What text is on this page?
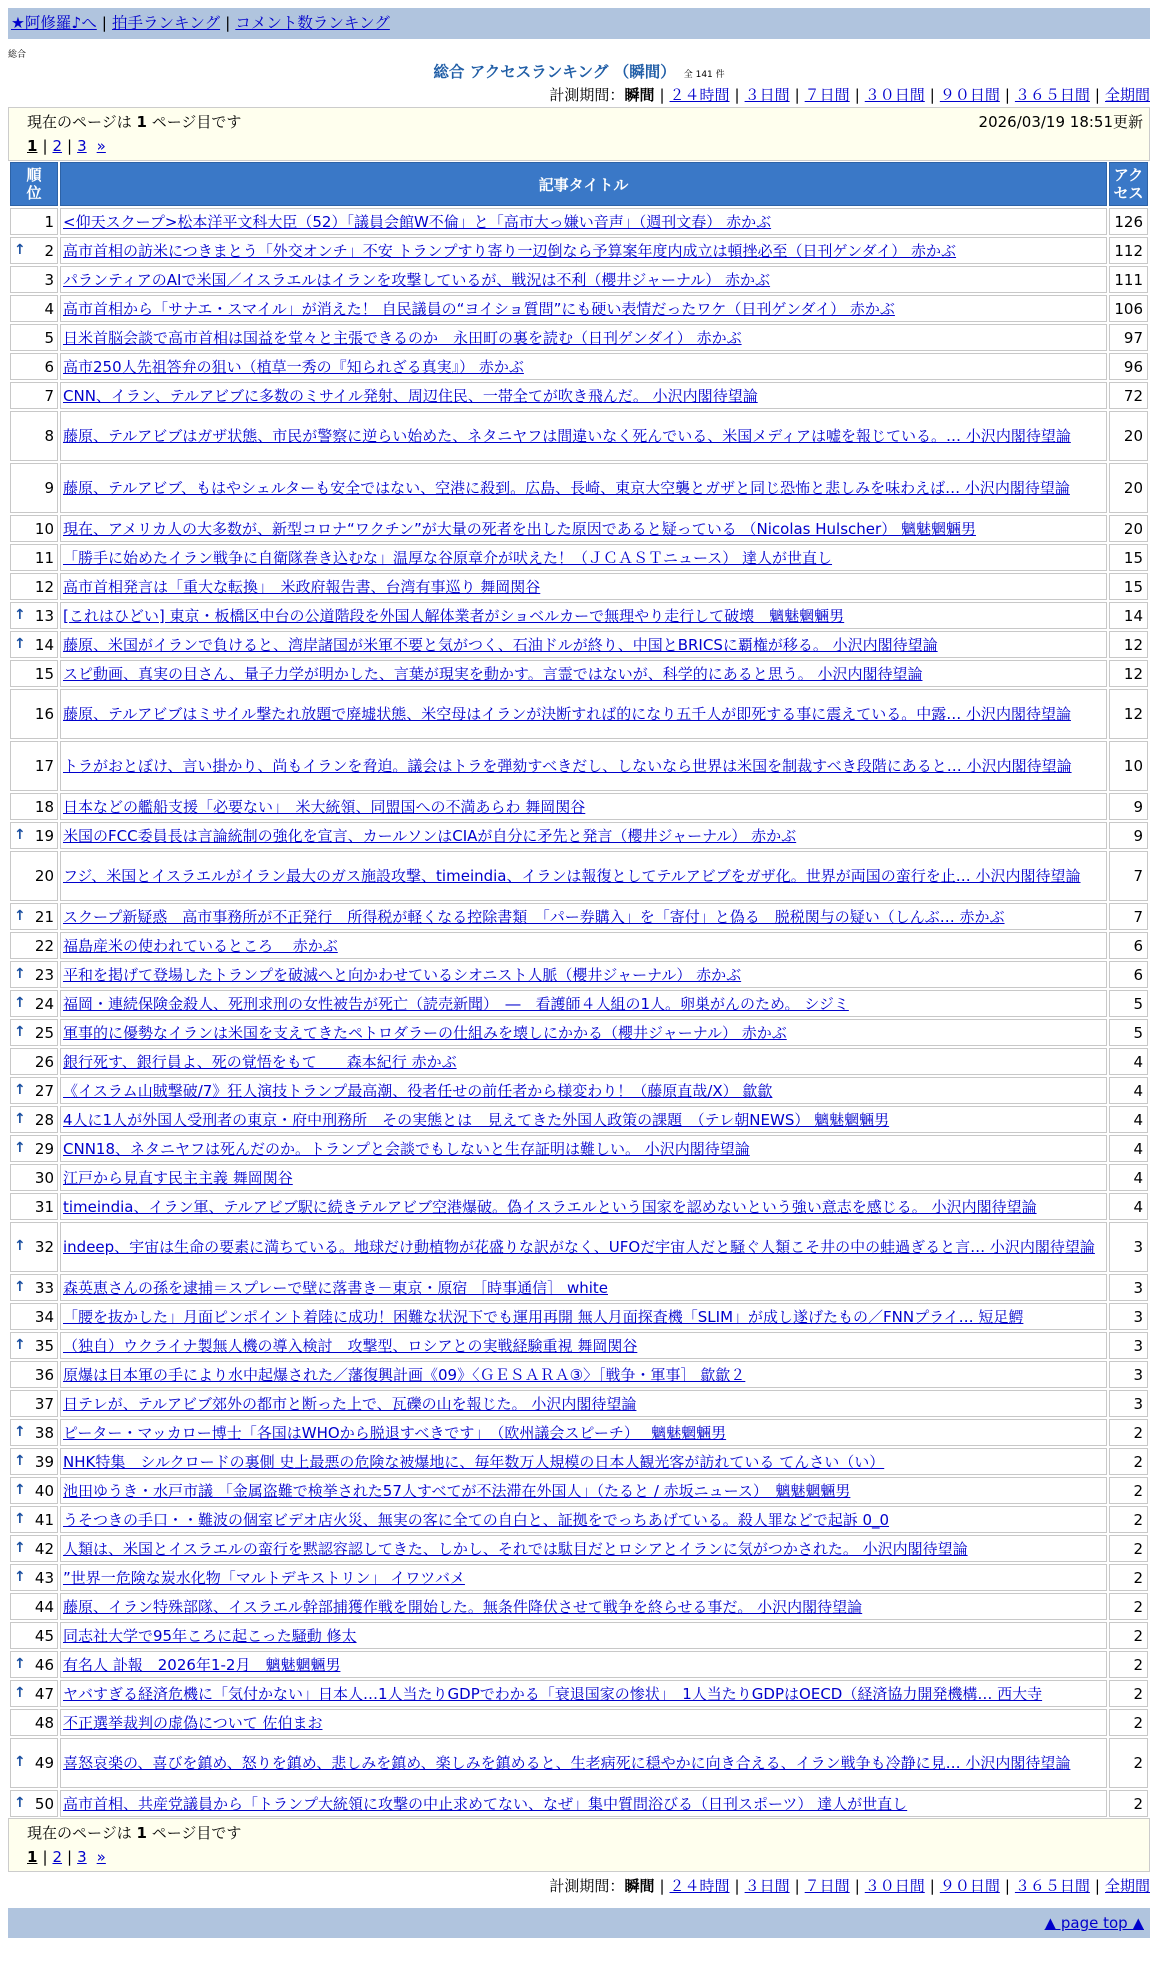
★阿修羅♪へ | 拍手ランキング | コメント数ランキング
総合
総合 アクセスランキング （瞬間） 全 141 件
計測期間：瞬間 | ２４時間 | ３日間 | ７日間 | ３０日間 | ９０日間 | ３６５日間 | 全期間
現在のページは 1 ページ目です	2026/03/19 18:51更新
1 | 2 | 3 »
順位	記事タイトル	アクセス
1	<仰天スクープ>松本洋平文科大臣（52）「議員会館W不倫」と「高市大っ嫌い音声」（週刊文春） 赤かぶ	126

↑ 2	高市首相の訪米につきまとう「外交オンチ」不安 トランプすり寄り一辺倒なら予算案年度内成立は頓挫必至（日刊ゲンダイ） 赤かぶ	112
3	パランティアのAIで米国／イスラエルはイランを攻撃しているが、戦況は不利（櫻井ジャーナル） 赤かぶ	111
4	高市首相から「サナエ・スマイル」が消えた！ 自民議員の“ヨイショ質問”にも硬い表情だったワケ（日刊ゲンダイ） 赤かぶ	106
5	日米首脳会談で高市首相は国益を堂々と主張できるのか　永田町の裏を読む（日刊ゲンダイ） 赤かぶ	97
6	高市250人先祖答弁の狙い（植草一秀の『知られざる真実』） 赤かぶ	96
7	CNN、イラン、テルアビブに多数のミサイル発射、周辺住民、一帯全てが吹き飛んだ。 小沢内閣待望論	72
8	藤原、テルアビブはガザ状態、市民が警察に逆らい始めた、ネタニヤフは間違いなく死んでいる、米国メディアは嘘を報じている。… 小沢内閣待望論	20
9	藤原、テルアビブ、もはやシェルターも安全ではない、空港に殺到。広島、長崎、東京大空襲とガザと同じ恐怖と悲しみを味わえば… 小沢内閣待望論	20
10	現在、アメリカ人の大多数が、新型コロナ“ワクチン”が大量の死者を出した原因であると疑っている （Nicolas Hulscher） 魑魅魍魎男	20
11	「勝手に始めたイラン戦争に自衛隊巻き込むな」温厚な谷原章介が吠えた！（ＪＣＡＳＴニュース） 達人が世直し	15
12	高市首相発言は「重大な転換」　米政府報告書、台湾有事巡り 舞岡関谷	15

↑ 13	[これはひどい] 東京・板橋区中台の公道階段を外国人解体業者がショベルカーで無理やり走行して破壊　魑魅魍魎男	14

↑ 14	藤原、米国がイランで負けると、湾岸諸国が米軍不要と気がつく、石油ドルが終り、中国とBRICSに覇権が移る。 小沢内閣待望論	12
15	スピ動画、真実の目さん、量子力学が明かした、言葉が現実を動かす。言霊ではないが、科学的にあると思う。 小沢内閣待望論	12
16	藤原、テルアビブはミサイル撃たれ放題で廃墟状態、米空母はイランが決断すれば的になり五千人が即死する事に震えている。中露… 小沢内閣待望論	12
17	トラがおとぼけ、言い掛かり、尚もイランを脅迫。議会はトラを弾劾すべきだし、しないなら世界は米国を制裁すべき段階にあると… 小沢内閣待望論	10
18	日本などの艦船支援「必要ない」　米大統領、同盟国への不満あらわ 舞岡関谷	9

↑ 19	米国のFCC委員長は言論統制の強化を宣言、カールソンはCIAが自分に矛先と発言（櫻井ジャーナル） 赤かぶ	9
20	フジ、米国とイスラエルがイラン最大のガス施設攻撃、timeindia、イランは報復としてテルアビブをガザ化。世界が両国の蛮行を止… 小沢内閣待望論	7

↑ 21	スクープ新疑惑　高市事務所が不正発行　所得税が軽くなる控除書類　「パー券購入」を「寄付」と偽る　脱税関与の疑い（しんぶ… 赤かぶ	7
22	福島産米の使われているところ　 赤かぶ	6

↑ 23	平和を掲げて登場したトランプを破滅へと向かわせているシオニスト人脈（櫻井ジャーナル） 赤かぶ	6

↑ 24	福岡・連続保険金殺人、死刑求刑の女性被告が死亡（読売新聞）　―　看護師４人組の1人。卵巣がんのため。 シジミ	5

↑ 25	軍事的に優勢なイランは米国を支えてきたペトロダラーの仕組みを壊しにかかる（櫻井ジャーナル） 赤かぶ	5
26	銀行死す、銀行員よ、死の覚悟をもて　　森本紀行 赤かぶ	4

↑ 27	《イスラム山賊撃破/7》狂人演技トランプ最高潮、役者任せの前任者から様変わり！（藤原直哉/X） 歙歙	4

↑ 28	4人に1人が外国人受刑者の東京・府中刑務所　その実態とは　見えてきた外国人政策の課題　（テレ朝NEWS） 魑魅魍魎男	4

↑ 29	CNN18、ネタニヤフは死んだのか。トランプと会談でもしないと生存証明は難しい。 小沢内閣待望論	4
30	江戸から見直す民主主義 舞岡関谷	4
31	timeindia、イラン軍、テルアビブ駅に続きテルアビブ空港爆破。偽イスラエルという国家を認めないという強い意志を感じる。 小沢内閣待望論	4

↑ 32	indeep、宇宙は生命の要素に満ちている。地球だけ動植物が花盛りな訳がなく、UFOだ宇宙人だと騒ぐ人類こそ井の中の蛙過ぎると言… 小沢内閣待望論	3

↑ 33	森英恵さんの孫を逮捕＝スプレーで壁に落書き－東京・原宿 ［時事通信］ white	3
34	「腰を抜かした」月面ピンポイント着陸に成功！困難な状況下でも運用再開 無人月面探査機「SLIM」が成し遂げたもの／FNNプライ… 短足鰐	3

↑ 35	（独自）ウクライナ製無人機の導入検討　攻撃型、ロシアとの実戦経験重視 舞岡関谷	3
36	原爆は日本軍の手により水中起爆された／藩復興計画《09》〈ＧＥＳＡＲＡ③〉［戦争・軍事］ 歙歙２	3
37	日テレが、テルアビブ郊外の都市と断った上で、瓦礫の山を報じた。 小沢内閣待望論	3

↑ 38	ピーター・マッカロー博士「各国はWHOから脱退すべきです」　（欧州議会スピーチ）　 魑魅魍魎男	2

↑ 39	NHK特集　シルクロードの裏側 史上最悪の危険な被爆地に、毎年数万人規模の日本人観光客が訪れている てんさい（い）	2

↑ 40	池田ゆうき・水戸市議 「金属盗難で検挙された57人すべてが不法滞在外国人」（たると / 赤坂ニュース）　魑魅魍魎男	2

↑ 41	うそつきの手口・・難波の個室ビデオ店火災、無実の客に全ての自白と、証拠をでっちあげている。殺人罪などで起訴 0_0	2

↑ 42	人類は、米国とイスラエルの蛮行を黙認容認してきた、しかし、それでは駄目だとロシアとイランに気がつかされた。 小沢内閣待望論	2

↑ 43	”世界一危険な炭水化物「マルトデキストリン」 イワツバメ	2
44	藤原、イラン特殊部隊、イスラエル幹部捕獲作戦を開始した。無条件降伏させて戦争を終らせる事だ。 小沢内閣待望論	2
45	同志社大学で95年ころに起こった騒動 修太	2

↑ 46	有名人 訃報　2026年1-2月　魑魅魍魎男	2

↑ 47	ヤバすぎる経済危機に「気付かない」日本人…1人当たりGDPでわかる「衰退国家の惨状」　1人当たりGDPはOECD（経済協力開発機構… 西大寺	2
48	不正選挙裁判の虚偽について 佐伯まお	2

↑ 49	喜怒哀楽の、喜びを鎮め、怒りを鎮め、悲しみを鎮め、楽しみを鎮めると、生老病死に穏やかに向き合える、イラン戦争も冷静に見… 小沢内閣待望論	2

↑ 50	高市首相、共産党議員から「トランプ大統領に攻撃の中止求めてない、なぜ」集中質問浴びる（日刊スポーツ） 達人が世直し	2
現在のページは 1 ページ目です
1 | 2 | 3 »
計測期間：瞬間 | ２４時間 | ３日間 | ７日間 | ３０日間 | ９０日間 | ３６５日間 | 全期間
▲ page top ▲
